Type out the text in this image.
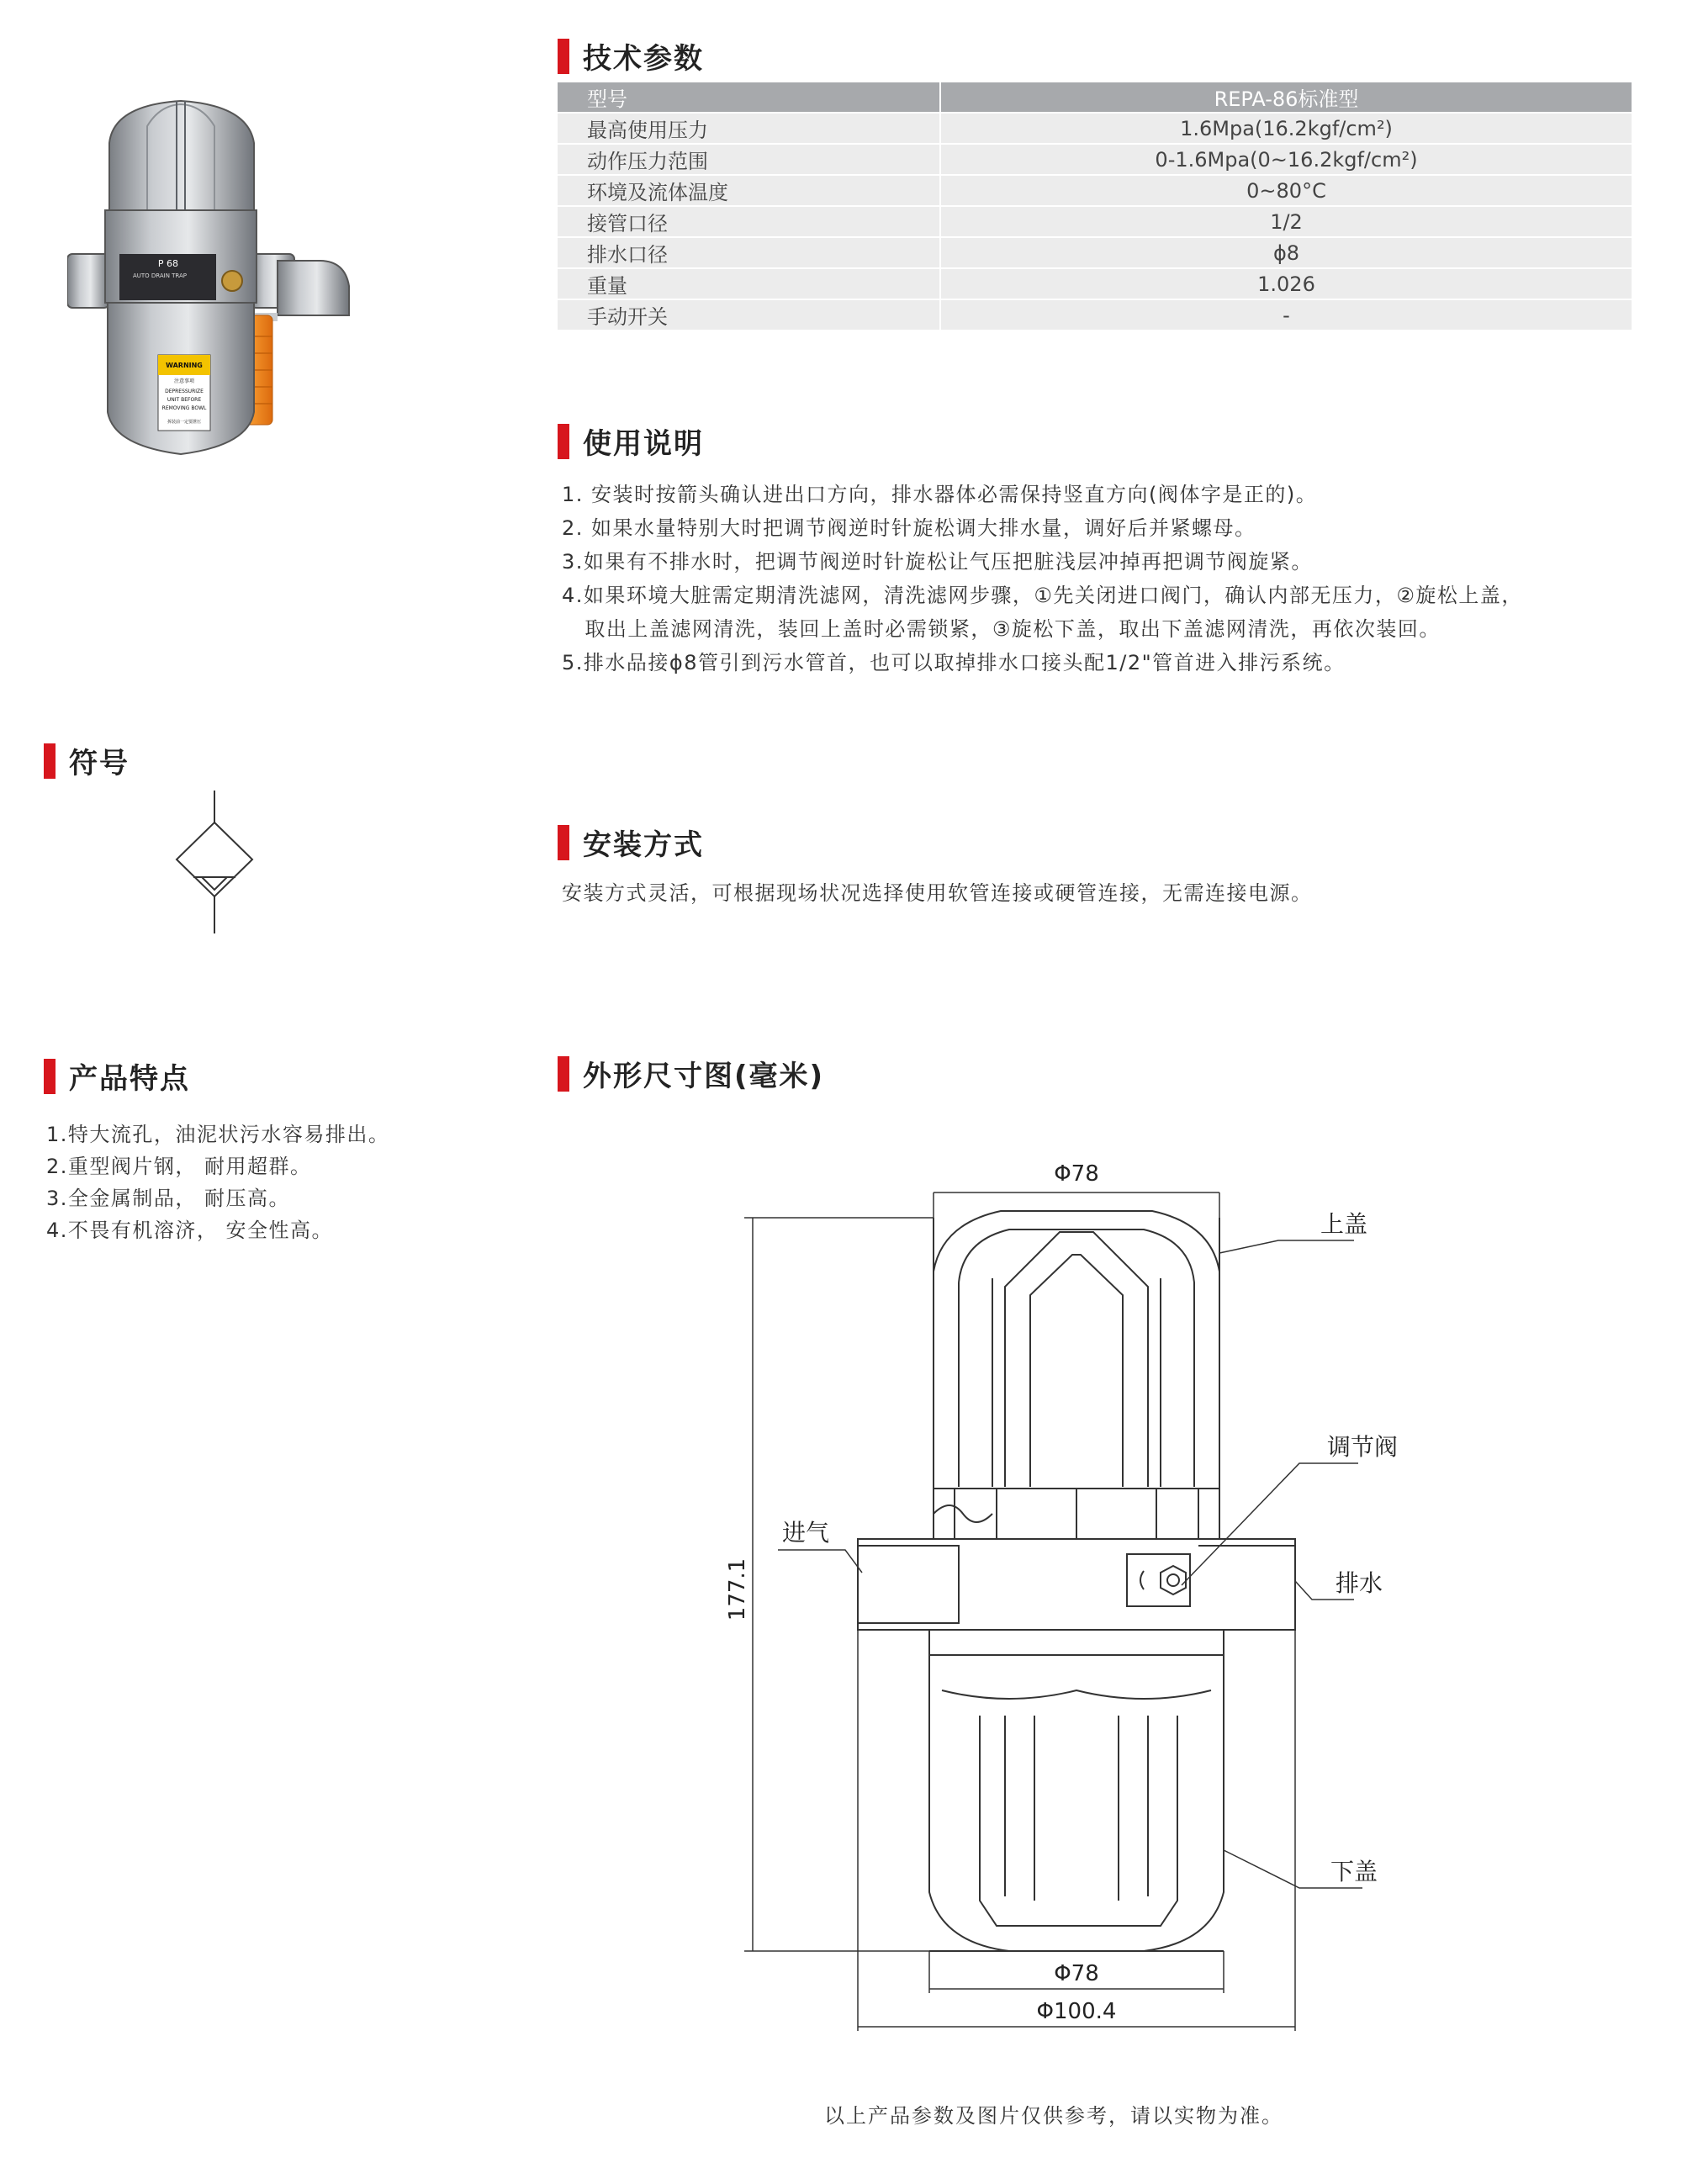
P 68
AUTO DRAIN TRAP
WARNING
注意事项
DEPRESSURIZE
UNIT BEFORE
REMOVING BOWL
拆装前一定要泄压
技术参数
型号	REPA-86标准型
最高使用压力	1.6Mpa(16.2kgf/cm²)
动作压力范围	0-1.6Mpa(0~16.2kgf/cm²)
环境及流体温度	0~80°C
接管口径	1/2
排水口径	ϕ8
重量	1.026
手动开关	-
使用说明
1. 安装时按箭头确认进出口方向，排水器体必需保持竖直方向(阀体字是正的)。
2. 如果水量特别大时把调节阀逆时针旋松调大排水量，调好后并紧螺母。
3.如果有不排水时，把调节阀逆时针旋松让气压把脏浅层冲掉再把调节阀旋紧。
4.如果环境大脏需定期清洗滤网，清洗滤网步骤，①先关闭进口阀门，确认内部无压力，②旋松上盖，
取出上盖滤网清洗，装回上盖时必需锁紧，③旋松下盖，取出下盖滤网清洗，再依次装回。
5.排水品接ϕ8管引到污水管首，也可以取掉排水口接头配1/2"管首进入排污系统。
符号
安装方式
安装方式灵活，可根据现场状况选择使用软管连接或硬管连接，无需连接电源。
产品特点
1.特大流孔，油泥状污水容易排出。
2.重型阀片钢， 耐用超群。
3.全金属制品， 耐压高。
4.不畏有机溶济， 安全性高。
外形尺寸图(毫米)
Φ78
Φ78
Φ100.4
177.1
上盖
调节阀
进气
排水
下盖
以上产品参数及图片仅供参考，请以实物为准。
